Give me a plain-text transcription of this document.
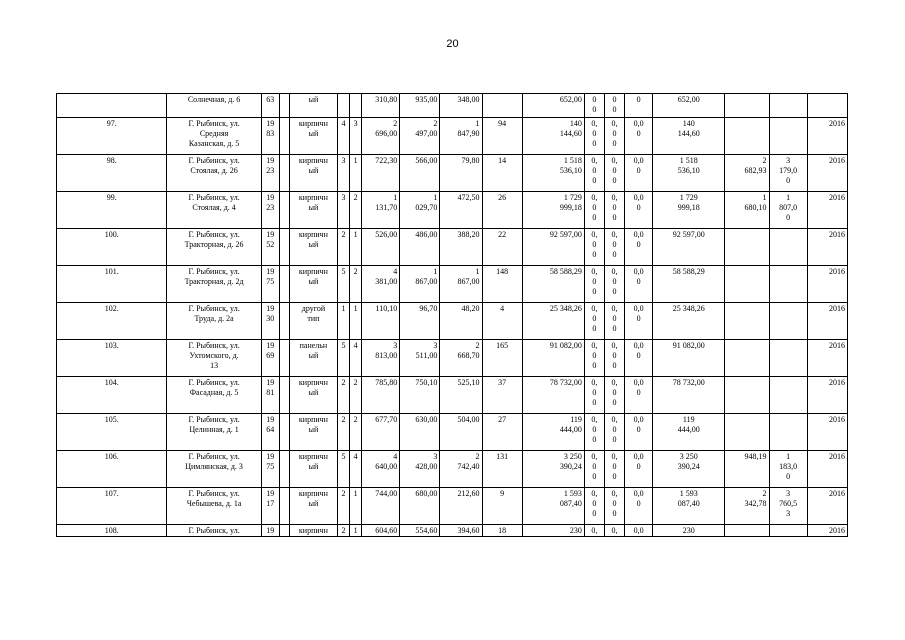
20
	Солнечная, д. 6	63		ый			310,80	935,00	348,00		652,00	0
0	0
0	0	652,00			
97.	Г. Рыбинск, ул.
Средняя
Казанская, д. 5	19
83		кирпичн
ый	4	3	2
696,00	2
497,00	1
847,90	94	140
144,60	0,
0
0	0,
0
0	0,0
0	140
144,60			2016
98.	Г. Рыбинск, ул.
Стоялая, д. 26	19
23		кирпичн
ый	3	1	722,30	566,00	79,80	14	1 518
536,10	0,
0
0	0,
0
0	0,0
0	1 518
536,10	2
682,93	3
179,0
0	2016
99.	Г. Рыбинск, ул.
Стоялая, д. 4	19
23		кирпичн
ый	3	2	1
131,70	1
029,70	472,50	26	1 729
999,18	0,
0
0	0,
0
0	0,0
0	1 729
999,18	1
680,10	1
807,0
0	2016
100.	Г. Рыбинск, ул.
Тракторная, д. 26	19
52		кирпичн
ый	2	1	526,00	486,00	388,20	22	92 597,00	0,
0
0	0,
0
0	0,0
0	92 597,00			2016
101.	Г. Рыбинск, ул.
Тракторная, д. 2д	19
75		кирпичн
ый	5	2	4
381,00	1
867,00	1
867,00	148	58 588,29	0,
0
0	0,
0
0	0,0
0	58 588,29			2016
102.	Г. Рыбинск, ул.
Труда, д. 2а	19
30		другой
тип	1	1	110,10	96,70	48,20	4	25 348,26	0,
0
0	0,
0
0	0,0
0	25 348,26			2016
103.	Г. Рыбинск, ул.
Ухтомского, д.
13	19
69		панельн
ый	5	4	3
813,00	3
511,00	2
668,70	165	91 082,00	0,
0
0	0,
0
0	0,0
0	91 082,00			2016
104.	Г. Рыбинск, ул.
Фасадная, д. 5	19
81		кирпичн
ый	2	2	785,80	750,10	525,10	37	78 732,00	0,
0
0	0,
0
0	0,0
0	78 732,00			2016
105.	Г. Рыбинск, ул.
Целинная, д. 1	19
64		кирпичн
ый	2	2	677,70	630,00	504,00	27	119
444,00	0,
0
0	0,
0
0	0,0
0	119
444,00			2016
106.	Г. Рыбинск, ул.
Цимлянская, д. 3	19
75		кирпичн
ый	5	4	4
640,00	3
428,00	2
742,40	131	3 250
390,24	0,
0
0	0,
0
0	0,0
0	3 250
390,24	948,19	1
183,0
0	2016
107.	Г. Рыбинск, ул.
Чебышева, д. 1а	19
17		кирпичн
ый	2	1	744,00	680,00	212,60	9	1 593
087,40	0,
0
0	0,
0
0	0,0
0	1 593
087,40	2
342,78	3
760,5
3	2016
108.	Г. Рыбинск, ул.	19		кирпичн	2	1	604,60	554,60	394,60	18	230	0,	0,	0,0	230			2016
